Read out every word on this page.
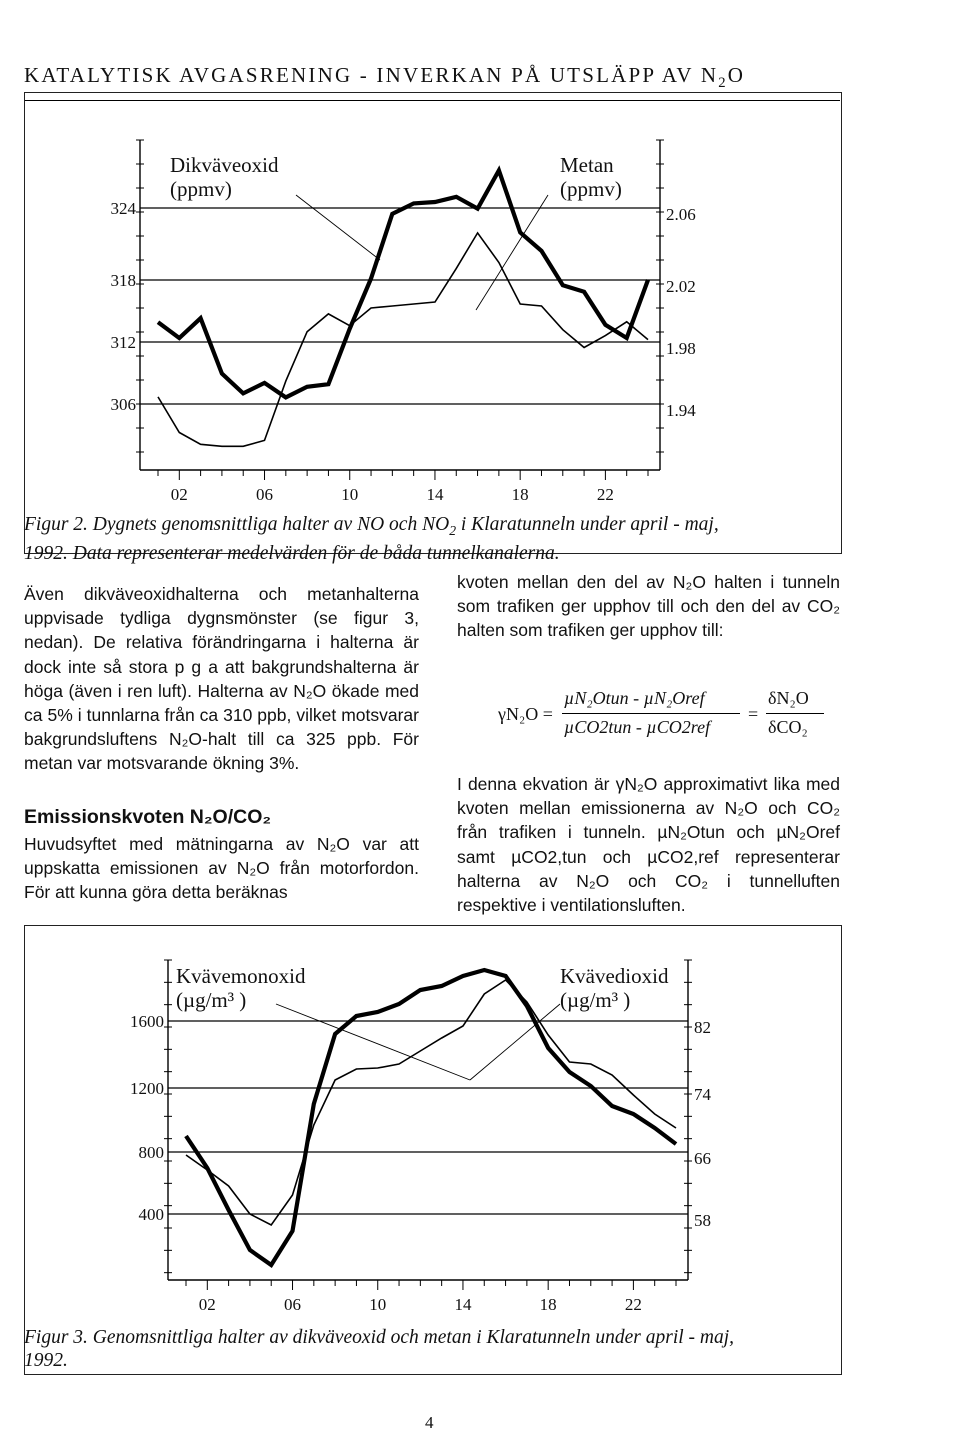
KATALYTISK AVGASRENING - INVERKAN PÅ UTSLÄPP AV $N_2O$
324	2.06
318	2.02
312	1.98
306	1.94
02	06	10	14	18	22
Dikväveoxid
(ppmv)
Metan
(ppmv)
Figur 2. Dygnets genomsnittliga halter av NO och $NO_2$ i Klaratunneln under april - maj,
1992. Data representerar medelvärden för de båda tunnelkanalerna.

Även dikväveoxidhalterna och metanhalterna uppvisade tydliga dygnsmönster (se figur 3, nedan). De relativa förändringarna i halterna är dock inte så stora p g a att bakgrundshalterna är höga (även i ren luft). Halterna av N₂O ökade med ca 5% i tunnlarna från ca 310 ppb, vilket motsvarar bakgrundsluftens N₂O-halt till ca 325 ppb. För metan var motsvarande ökning 3%.

Emissionskvoten N₂O/CO₂

Huvudsyftet med mätningarna av N₂O var att uppskatta emissionen av N₂O från motorfordon. För att kunna göra detta beräknas

kvoten mellan den del av N₂O halten i tunneln som trafiken ger upphov till och den del av CO₂ halten som trafiken ger upphov till:

γN₂O =
µN₂Otun - µN₂Oref
µCO2tun - µCO2ref
=
δN₂O
δCO₂

I denna ekvation är γN₂O approximativt lika med kvoten mellan emissionerna av N₂O och CO₂ från trafiken i tunneln. µN₂Otun och µN₂Oref samt µCO2,tun och µCO2,ref representerar halterna av N₂O och CO₂ i tunnelluften respektive i ventilationsluften.

1600	82
1200	74
800	66
400	58
02	06	10	14	18	22
Kvävemonoxid
(µg/m³ )
Kvävedioxid
(µg/m³ )
Figur 3. Genomsnittliga halter av dikväveoxid och metan i Klaratunneln under april - maj,
1992.
4
